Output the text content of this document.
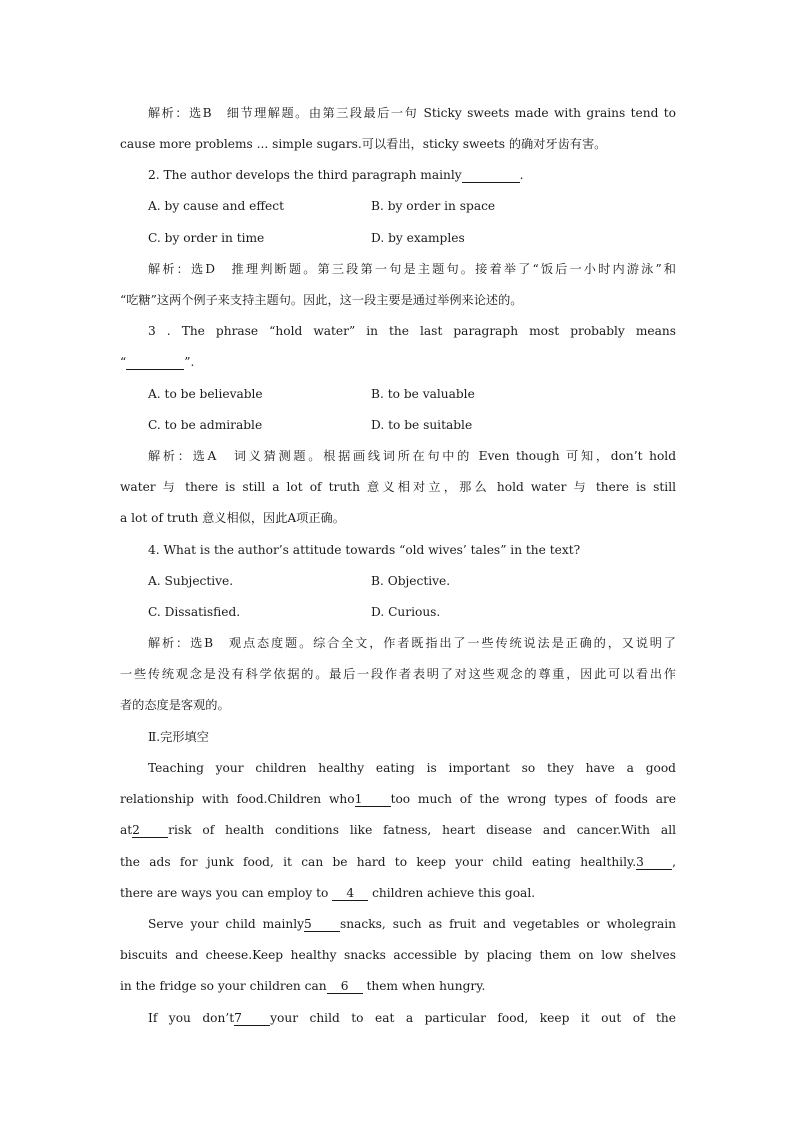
解析：选B　细节理解题。由第三段最后一句 Sticky sweets made with grains tend to
cause more problems ... simple sugars.可以看出，sticky sweets 的确对牙齿有害。
2. The author develops the third paragraph mainly	.
A. by cause and effect	B. by order in space
C. by order in time	D. by examples
解析：选D　推理判断题。第三段第一句是主题句。接着举了“饭后一小时内游泳”和
“吃糖”这两个例子来支持主题句。因此，这一段主要是通过举例来论述的。
3 . The phrase “hold water” in the last paragraph most probably means
“	”.
A. to be believable	B. to be valuable
C. to be admirable	D. to be suitable
解析：选A　词义猜测题。根据画线词所在句中的 Even though 可知，don’t hold
water 与 there is still a lot of truth 意义相对立，那么 hold water 与 there is still
a lot of truth 意义相似，因此A项正确。
4. What is the author’s attitude towards “old wives’ tales” in the text?
A. Subjective.	B. Objective.
C. Dissatisfied.	D. Curious.
解析：选B　观点态度题。综合全文，作者既指出了一些传统说法是正确的，又说明了
一些传统观念是没有科学依据的。最后一段作者表明了对这些观念的尊重，因此可以看出作
者的态度是客观的。
Ⅱ.完形填空
Teaching your children healthy eating is important so they have a good
relationship with food.Children who1 too much of the wrong types of foods are
at2 risk of health conditions like fatness, heart disease and cancer.With all
the ads for junk food, it can be hard to keep your child eating healthily.3 ,
there are ways you can employ to 4 children achieve this goal.
Serve your child mainly5 snacks, such as fruit and vegetables or wholegrain
biscuits and cheese.Keep healthy snacks accessible by placing them on low shelves
in the fridge so your children can 6 them when hungry.
If you don’t7 your child to eat a particular food, keep it out of the
